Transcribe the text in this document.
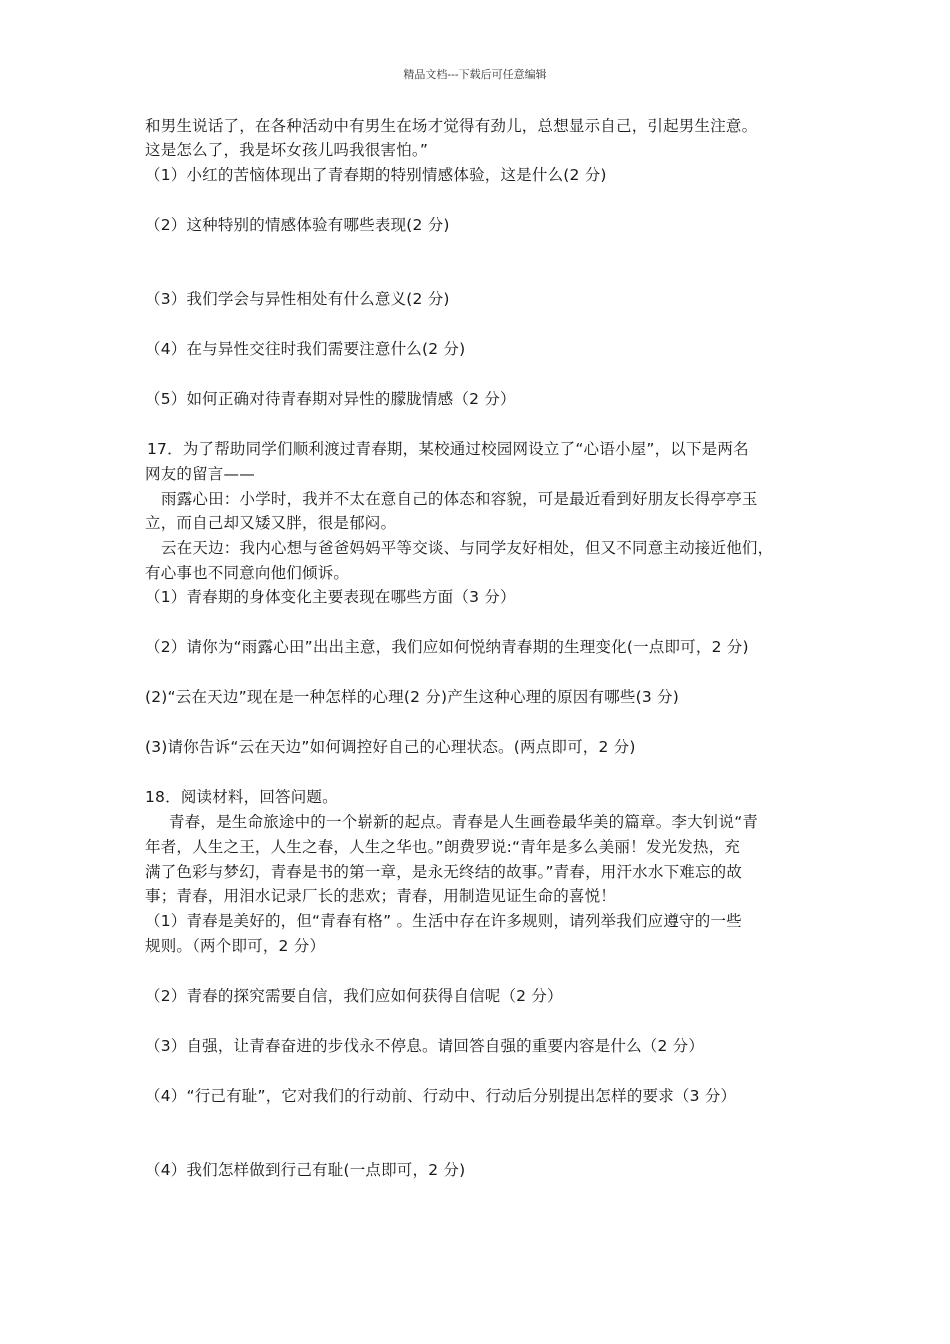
精品文档---下载后可任意编辑
和男生说话了，在各种活动中有男生在场才觉得有劲儿，总想显示自己，引起男生注意。
这是怎么了，我是坏女孩儿吗我很害怕。”
（1）小红的苦恼体现出了青春期的特别情感体验，这是什么(2 分)
（2）这种特别的情感体验有哪些表现(2 分)
（3）我们学会与异性相处有什么意义(2 分)
（4）在与异性交往时我们需要注意什么(2 分)
（5）如何正确对待青春期对异性的朦胧情感（2 分）
17．为了帮助同学们顺利渡过青春期，某校通过校园网设立了“心语小屋”，以下是两名
网友的留言——
雨露心田：小学时，我并不太在意自己的体态和容貌，可是最近看到好朋友长得亭亭玉
立，而自己却又矮又胖，很是郁闷。
云在天边：我内心想与爸爸妈妈平等交谈、与同学友好相处，但又不同意主动接近他们，
有心事也不同意向他们倾诉。
（1）青春期的身体变化主要表现在哪些方面（3 分）
（2）请你为“雨露心田”出出主意，我们应如何悦纳青春期的生理变化(一点即可，2 分)
(2)“云在天边”现在是一种怎样的心理(2 分)产生这种心理的原因有哪些(3 分)
(3)请你告诉“云在天边”如何调控好自己的心理状态。(两点即可，2 分)
18．阅读材料，回答问题。
青春，是生命旅途中的一个崭新的起点。青春是人生画卷最华美的篇章。李大钊说“青
年者，人生之王，人生之春，人生之华也。”朗费罗说:“青年是多么美丽！发光发热，充
满了色彩与梦幻，青春是书的第一章，是永无终结的故事。”青春，用汗水水下难忘的故
事；青春，用泪水记录厂长的悲欢；青春，用制造见证生命的喜悦！
（1）青春是美好的，但“青春有格” 。生活中存在许多规则，请列举我们应遵守的一些
规则。（两个即可，2 分）
（2）青春的探究需要自信，我们应如何获得自信呢（2 分）
（3）自强，让青春奋进的步伐永不停息。请回答自强的重要内容是什么（2 分）
（4）“行己有耻”，它对我们的行动前、行动中、行动后分别提出怎样的要求（3 分）
（4）我们怎样做到行己有耻(一点即可，2 分)
